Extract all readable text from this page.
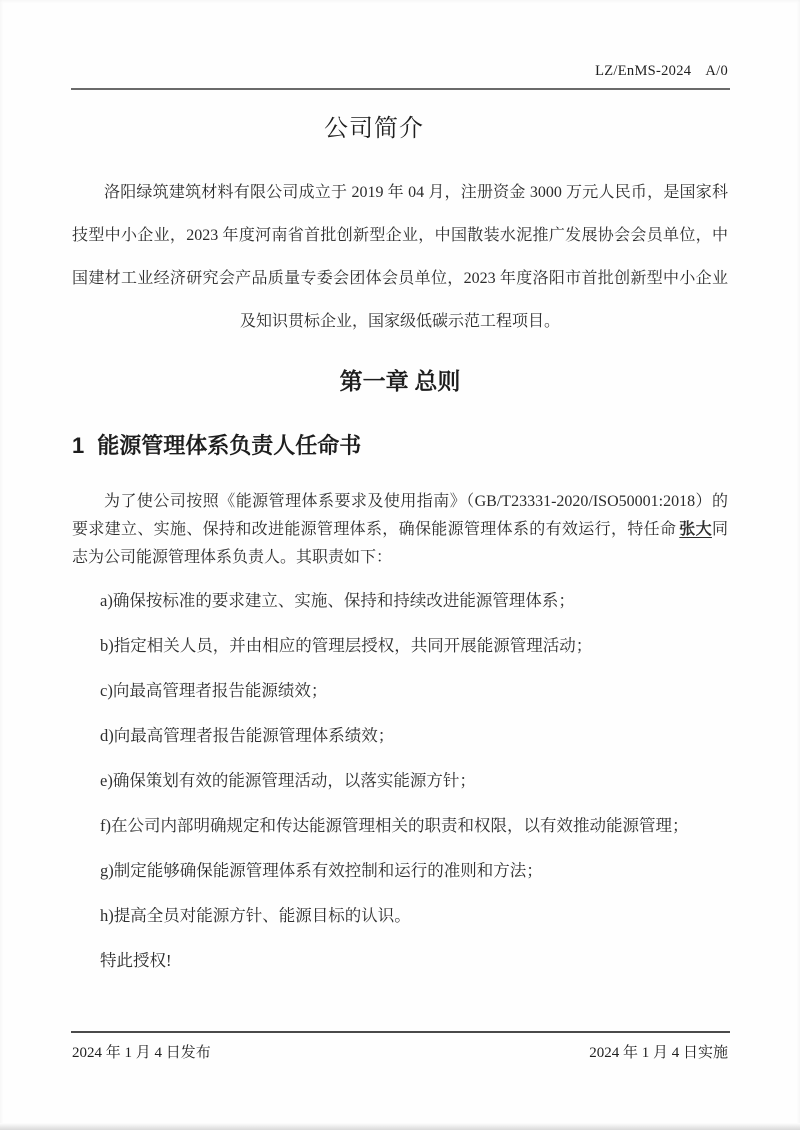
LZ/EnMS-2024 A/0
公司简介
洛阳绿筑建筑材料有限公司成立于 2019 年 04 月，注册资金 3000 万元人民币，是国家科
技型中小企业，2023 年度河南省首批创新型企业，中国散装水泥推广发展协会会员单位，中
国建材工业经济研究会产品质量专委会团体会员单位，2023 年度洛阳市首批创新型中小企业
及知识贯标企业，国家级低碳示范工程项目。
第一章 总则
1 能源管理体系负责人任命书
为了使公司按照《能源管理体系要求及使用指南》（GB/T23331-2020/ISO50001:2018）的
要求建立、实施、保持和改进能源管理体系，确保能源管理体系的有效运行，特任命 张大同
志为公司能源管理体系负责人。其职责如下：
a)确保按标准的要求建立、实施、保持和持续改进能源管理体系；
b)指定相关人员，并由相应的管理层授权，共同开展能源管理活动；
c)向最高管理者报告能源绩效；
d)向最高管理者报告能源管理体系绩效；
e)确保策划有效的能源管理活动，以落实能源方针；
f)在公司内部明确规定和传达能源管理相关的职责和权限，以有效推动能源管理；
g)制定能够确保能源管理体系有效控制和运行的准则和方法；
h)提高全员对能源方针、能源目标的认识。
特此授权!
2024 年 1 月 4 日发布	2024 年 1 月 4 日实施
